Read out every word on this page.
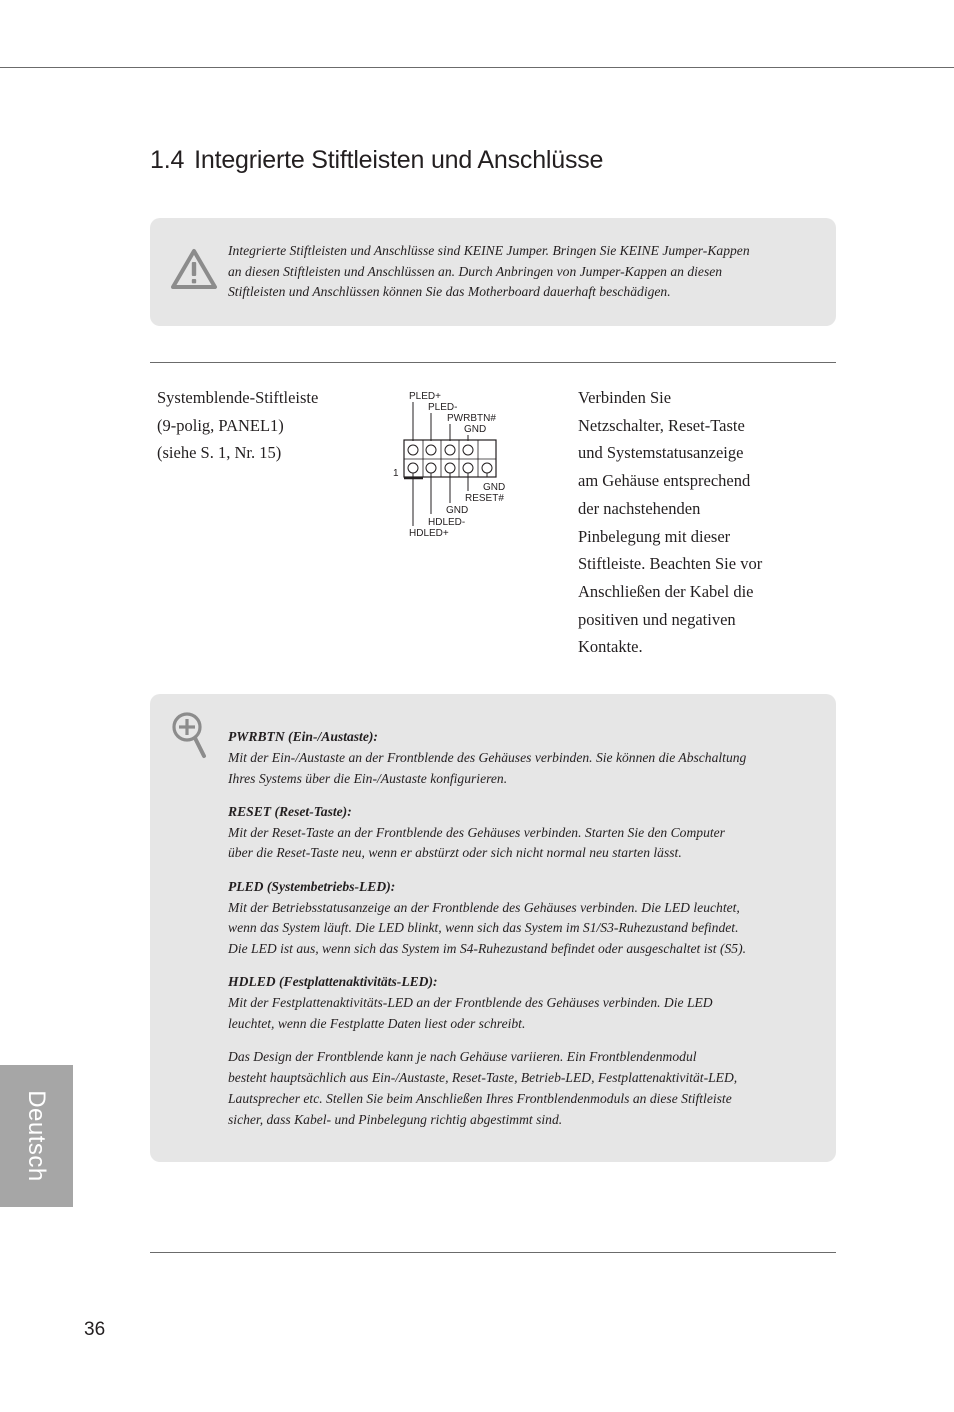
1.4 Integrierte Stiftleisten und Anschlüsse
Integrierte Stiftleisten und Anschlüsse sind KEINE Jumper. Bringen Sie KEINE Jumper-Kappen
an diesen Stiftleisten und Anschlüssen an. Durch Anbringen von Jumper-Kappen an diesen
Stiftleisten und Anschlüssen können Sie das Motherboard dauerhaft beschädigen.
Systemblende-Stiftleiste
(9-polig, PANEL1)
(siehe S. 1, Nr. 15)
PLED+
PLED-
PWRBTN#
GND
1
GND
RESET#
GND
HDLED-
HDLED+
Verbinden Sie
Netzschalter, Reset-Taste
und Systemstatusanzeige
am Gehäuse entsprechend
der nachstehenden
Pinbelegung mit dieser
Stiftleiste. Beachten Sie vor
Anschließen der Kabel die
positiven und negativen
Kontakte.
PWRBTN (Ein-/Austaste):
Mit der Ein-/Austaste an der Frontblende des Gehäuses verbinden. Sie können die Abschaltung
Ihres Systems über die Ein-/Austaste konfigurieren.
RESET (Reset-Taste):
Mit der Reset-Taste an der Frontblende des Gehäuses verbinden. Starten Sie den Computer
über die Reset-Taste neu, wenn er abstürzt oder sich nicht normal neu starten lässt.
PLED (Systembetriebs-LED):
Mit der Betriebsstatusanzeige an der Frontblende des Gehäuses verbinden. Die LED leuchtet,
wenn das System läuft. Die LED blinkt, wenn sich das System im S1/S3-Ruhezustand befindet.
Die LED ist aus, wenn sich das System im S4-Ruhezustand befindet oder ausgeschaltet ist (S5).
HDLED (Festplattenaktivitäts-LED):
Mit der Festplattenaktivitäts-LED an der Frontblende des Gehäuses verbinden. Die LED
leuchtet, wenn die Festplatte Daten liest oder schreibt.
Das Design der Frontblende kann je nach Gehäuse variieren. Ein Frontblendenmodul
besteht hauptsächlich aus Ein-/Austaste, Reset-Taste, Betrieb-LED, Festplattenaktivität-LED,
Lautsprecher etc. Stellen Sie beim Anschließen Ihres Frontblendenmoduls an diese Stiftleiste
sicher, dass Kabel- und Pinbelegung richtig abgestimmt sind.
Deutsch
36
